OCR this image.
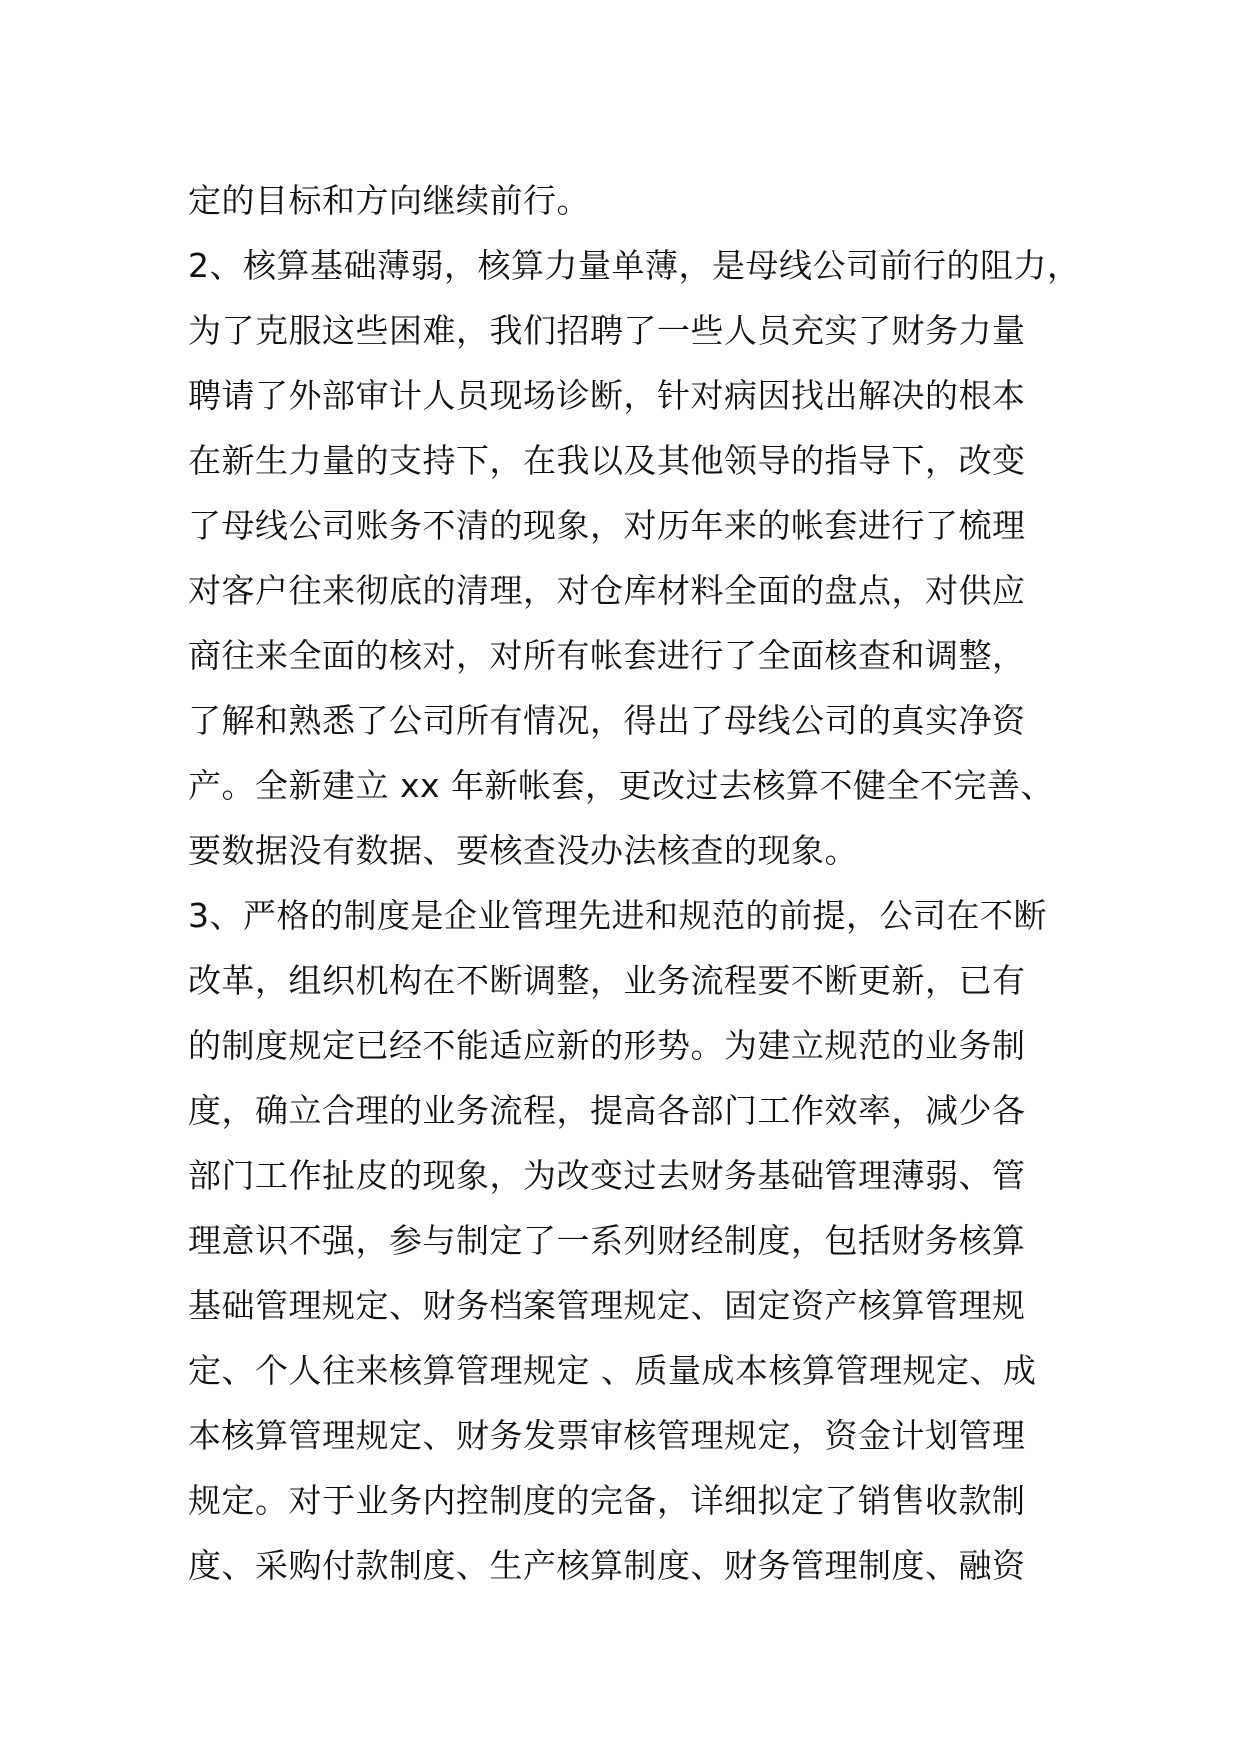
定的目标和方向继续前行。
2、核算基础薄弱，核算力量单薄，是母线公司前行的阻力，
为了克服这些困难，我们招聘了一些人员充实了财务力量
聘请了外部审计人员现场诊断，针对病因找出解决的根本
在新生力量的支持下，在我以及其他领导的指导下，改变
了母线公司账务不清的现象，对历年来的帐套进行了梳理
对客户往来彻底的清理，对仓库材料全面的盘点，对供应
商往来全面的核对，对所有帐套进行了全面核查和调整，
了解和熟悉了公司所有情况，得出了母线公司的真实净资
产。全新建立 xx 年新帐套，更改过去核算不健全不完善、
要数据没有数据、要核查没办法核查的现象。
3、严格的制度是企业管理先进和规范的前提，公司在不断
改革，组织机构在不断调整，业务流程要不断更新，已有
的制度规定已经不能适应新的形势。为建立规范的业务制
度，确立合理的业务流程，提高各部门工作效率，减少各
部门工作扯皮的现象，为改变过去财务基础管理薄弱、管
理意识不强，参与制定了一系列财经制度，包括财务核算
基础管理规定、财务档案管理规定、固定资产核算管理规
定、个人往来核算管理规定 、质量成本核算管理规定、成
本核算管理规定、财务发票审核管理规定，资金计划管理
规定。对于业务内控制度的完备，详细拟定了销售收款制
度、采购付款制度、生产核算制度、财务管理制度、融资
